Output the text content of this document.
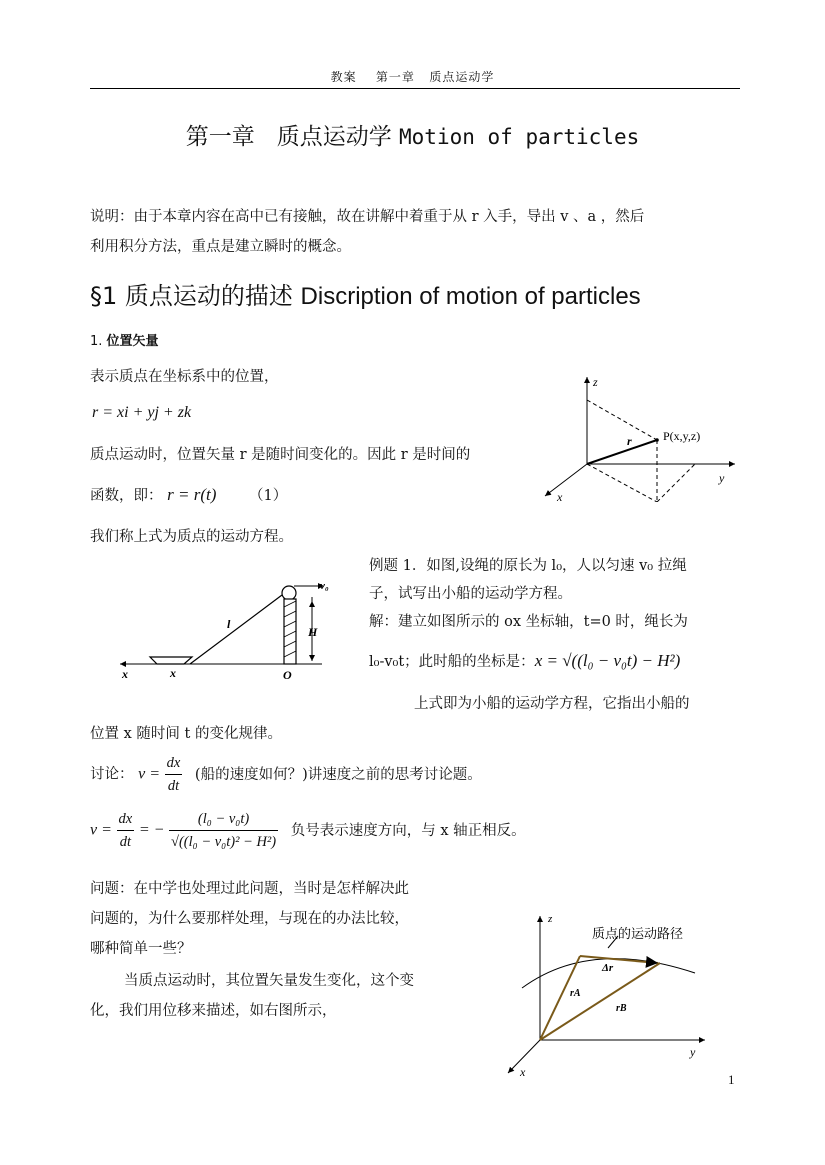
教案    第一章   质点运动学
第一章   质点运动学 Motion of particles
说明：由于本章内容在高中已有接触，故在讲解中着重于从 r 入手，导出 v 、a ，然后
利用积分方法，重点是建立瞬时的概念。
§1 质点运动的描述 Discription of motion of particles
1. 位置矢量
表示质点在坐标系中的位置，
r = xi + yj + zk
质点运动时，位置矢量 r 是随时间变化的。因此 r 是时间的
函数，即： r = r(t) （1）
我们称上式为质点的运动方程。
z
y
x
r	P(x,y,z)
v₀
l
H
x	x	O
例题 1．如图,设绳的原长为 l₀，人以匀速 v₀ 拉绳
子，试写出小船的运动学方程。
解：建立如图所示的 ox 坐标轴，t=0 时，绳长为
l₀-v₀t；此时船的坐标是：x = √((l₀ − v₀t) − H²)
上式即为小船的运动学方程，它指出小船的
位置 x 随时间 t 的变化规律。
讨论： $v = \frac{dx}{dt}$ (船的速度如何？)讲速度之前的思考讨论题。
$v = \frac{dx}{dt}$ = − $\frac{\text{(l₀ − v₀t)}}{\text{√((l₀ − v₀t)² − H²)}}$ 负号表示速度方向，与 x 轴正相反。
问题：在中学也处理过此问题，当时是怎样解决此
问题的，为什么要那样处理，与现在的办法比较，
哪种简单一些？
当质点运动时，其位置矢量发生变化，这个变
化，我们用位移来描述，如右图所示，
z
y
x
质点的运动路径
Δr
rA
rB
1
